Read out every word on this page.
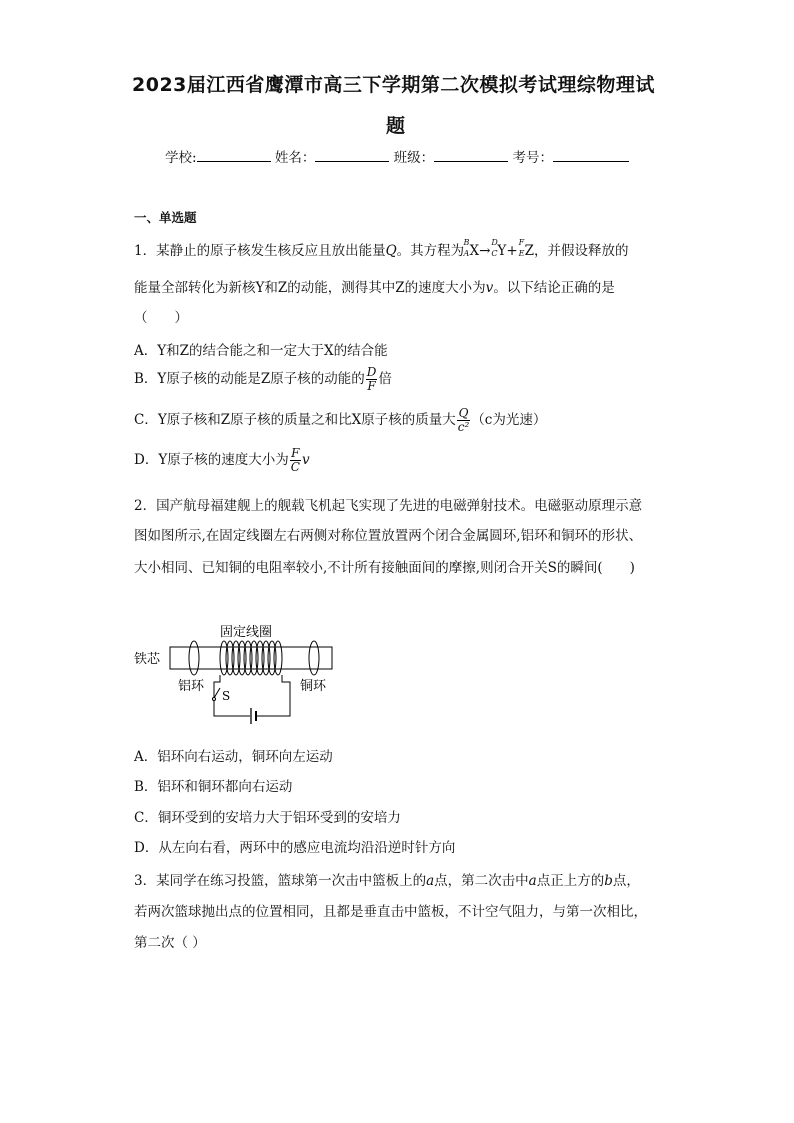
2023届江西省鹰潭市高三下学期第二次模拟考试理综物理试
题
学校:	姓名：	班级：	考号：
一、单选题
1．某静止的原子核发生核反应且放出能量Q。其方程为
B
A X→
D
C Y+
F
E Z，并假设释放的
能量全部转化为新核Y和Z的动能，测得其中Z的速度大小为v。以下结论正确的是
（　　）
A．Y和Z的结合能之和一定大于X的结合能
B．Y原子核的动能是Z原子核的动能的 $\frac{D}{F}$ 倍
C．Y原子核和Z原子核的质量之和比X原子核的质量大 $\frac{Q}{\text{c²}} (c$为光速）
D．Y原子核的速度大小为 $\frac{F}{C}$ v
2．国产航母福建舰上的舰载飞机起飞实现了先进的电磁弹射技术。电磁驱动原理示意
图如图所示,在固定线圈左右两侧对称位置放置两个闭合金属圆环,铝环和铜环的形状、
大小相同、已知铜的电阻率较小,不计所有接触面间的摩擦,则闭合开关S的瞬间(　　)
固定线圈
铁芯
铝环	铜环
S
A．铝环向右运动，铜环向左运动
B．铝环和铜环都向右运动
C．铜环受到的安培力大于铝环受到的安培力
D．从左向右看，两环中的感应电流均沿沿逆时针方向
3．某同学在练习投篮，篮球第一次击中篮板上的a点，第二次击中a点正上方的b点，
若两次篮球抛出点的位置相同，且都是垂直击中篮板，不计空气阻力，与第一次相比，
第二次（ ）
